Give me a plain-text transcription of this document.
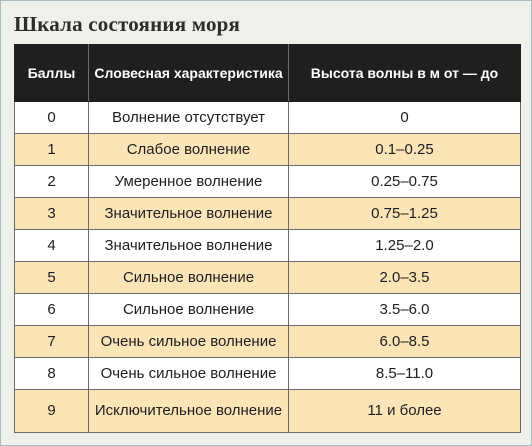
Шкала состояния моря
Баллы	Словесная характеристика	Высота волны в м от — до
0	Волнение отсутствует	0
1	Слабое волнение	0.1–0.25
2	Умеренное волнение	0.25–0.75
3	Значительное волнение	0.75–1.25
4	Значительное волнение	1.25–2.0
5	Сильное волнение	2.0–3.5
6	Сильное волнение	3.5–6.0
7	Очень сильное волнение	6.0–8.5
8	Очень сильное волнение	8.5–11.0
9	Исключительное волнение	11 и более
